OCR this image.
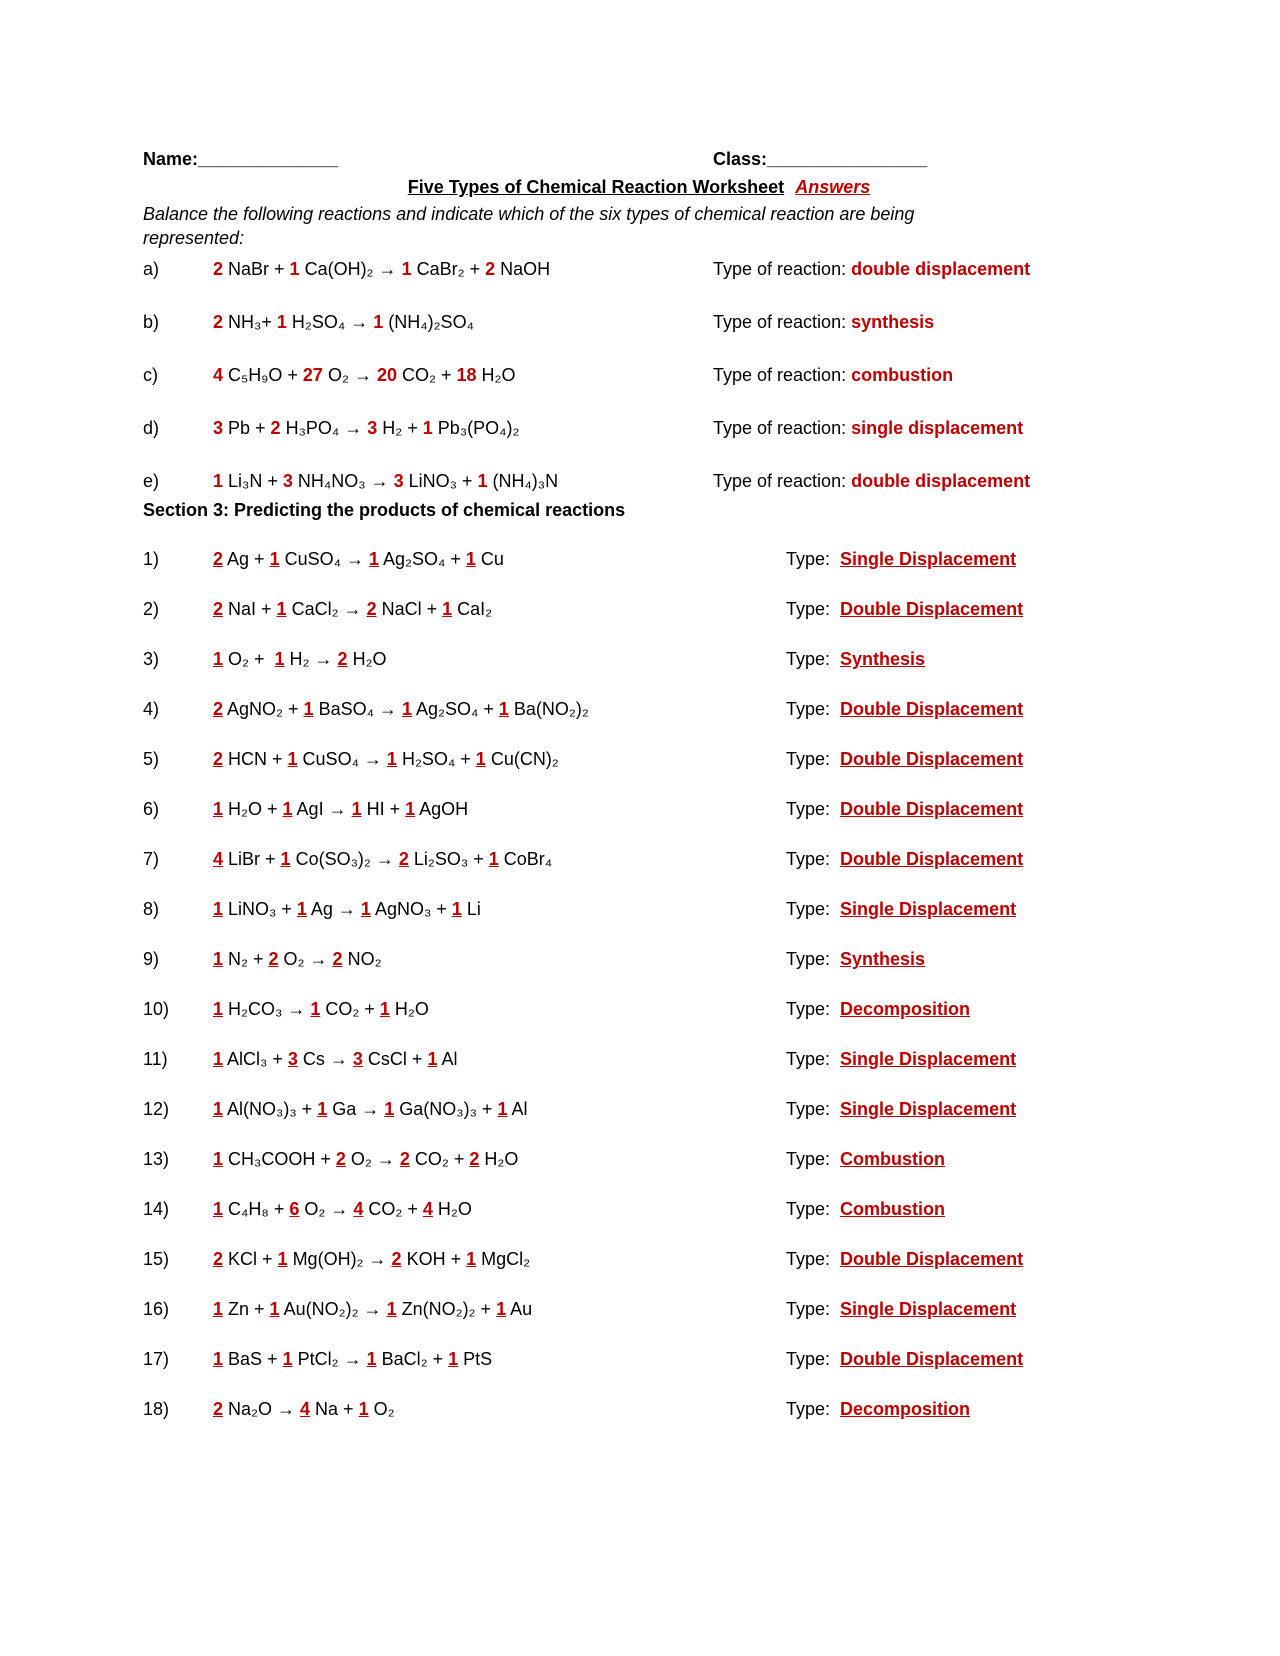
Name:______________	Class:________________
Five Types of Chemical Reaction Worksheet Answers
Balance the following reactions and indicate which of the six types of chemical reaction are being represented:
a)	2 NaBr + 1 Ca(OH)₂ → 1 CaBr₂ + 2 NaOH	Type of reaction: double displacement
b)	2 NH₃+ 1 H₂SO₄ → 1 (NH₄)₂SO₄	Type of reaction: synthesis
c)	4 C₅H₉O + 27 O₂ → 20 CO₂ + 18 H₂O	Type of reaction: combustion
d)	3 Pb + 2 H₃PO₄ → 3 H₂ + 1 Pb₃(PO₄)₂	Type of reaction: single displacement
e)	1 Li₃N + 3 NH₄NO₃ → 3 LiNO₃ + 1 (NH₄)₃N	Type of reaction: double displacement
Section 3: Predicting the products of chemical reactions
1)	2 Ag + 1 CuSO₄ → 1 Ag₂SO₄ + 1 Cu	Type:  Single Displacement
2)	2 NaI + 1 CaCl₂ → 2 NaCl + 1 CaI₂	Type:  Double Displacement
3)	1 O₂ +  1 H₂ → 2 H₂O	Type:  Synthesis
4)	2 AgNO₂ + 1 BaSO₄ → 1 Ag₂SO₄ + 1 Ba(NO₂)₂	Type:  Double Displacement
5)	2 HCN + 1 CuSO₄ → 1 H₂SO₄ + 1 Cu(CN)₂	Type:  Double Displacement
6)	1 H₂O + 1 AgI → 1 HI + 1 AgOH	Type:  Double Displacement
7)	4 LiBr + 1 Co(SO₃)₂ → 2 Li₂SO₃ + 1 CoBr₄	Type:  Double Displacement
8)	1 LiNO₃ + 1 Ag → 1 AgNO₃ + 1 Li	Type:  Single Displacement
9)	1 N₂ + 2 O₂ → 2 NO₂	Type:  Synthesis
10)	1 H₂CO₃ → 1 CO₂ + 1 H₂O	Type:  Decomposition
11)	1 AlCl₃ + 3 Cs → 3 CsCl + 1 Al	Type:  Single Displacement
12)	1 Al(NO₃)₃ + 1 Ga → 1 Ga(NO₃)₃ + 1 Al	Type:  Single Displacement
13)	1 CH₃COOH + 2 O₂ → 2 CO₂ + 2 H₂O	Type:  Combustion
14)	1 C₄H₈ + 6 O₂ → 4 CO₂ + 4 H₂O	Type:  Combustion
15)	2 KCl + 1 Mg(OH)₂ → 2 KOH + 1 MgCl₂	Type:  Double Displacement
16)	1 Zn + 1 Au(NO₂)₂ → 1 Zn(NO₂)₂ + 1 Au	Type:  Single Displacement
17)	1 BaS + 1 PtCl₂ → 1 BaCl₂ + 1 PtS	Type:  Double Displacement
18)	2 Na₂O → 4 Na + 1 O₂	Type:  Decomposition
